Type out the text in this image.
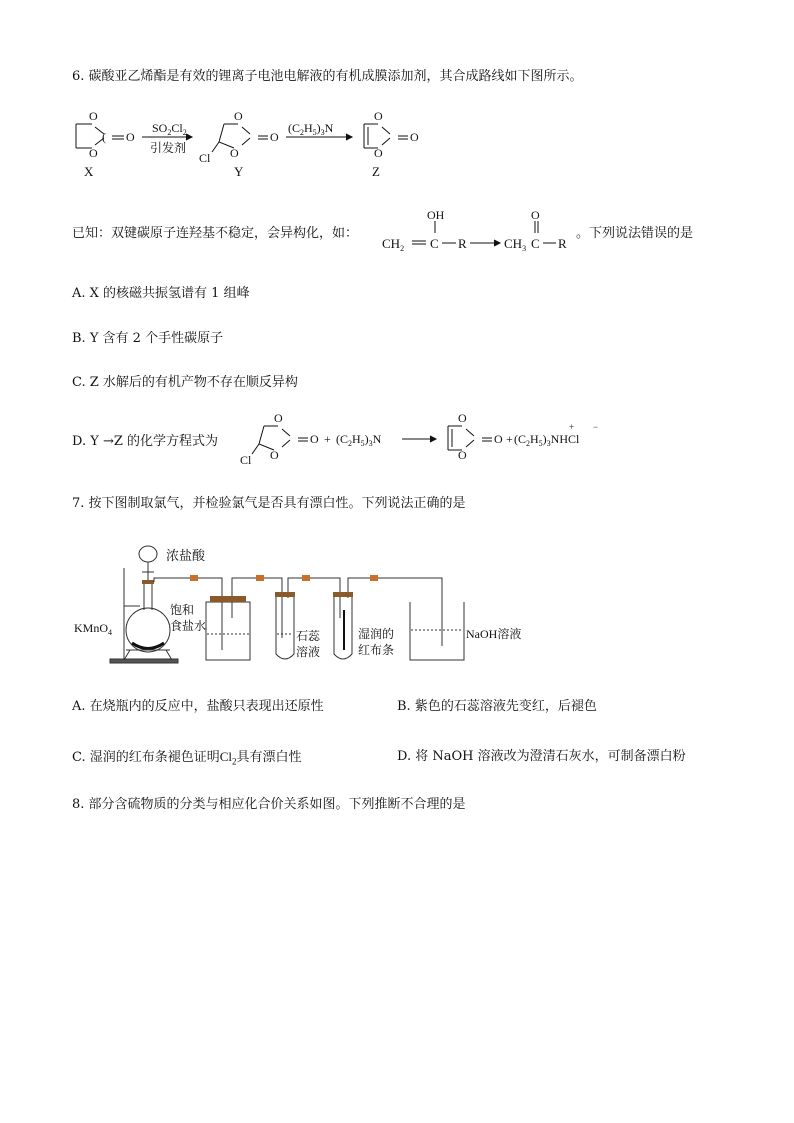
6. 碳酸亚乙烯酯是有效的锂离子电池电解液的有机成膜添加剂，其合成路线如下图所示。
O
O
( O
X
$SO_2Cl_2$
引发剂
O
O
O
Cl
Y
$(C_2H_5)_3N$
O
O
O
Z
已知：双键碳原子连羟基不稳定，会异构化，如：
$CH_2$
OH
C R	$CH_3$
O
C R
。下列说法错误的是
A. X 的核磁共振氢谱有 1 组峰
B. Y 含有 2 个手性碳原子
C. Z 水解后的有机产物不存在顺反异构
D. Y →Z 的化学方程式为
O
O
O
Cl
+ $(C_2H_5)_3N$
O
O
$O + (C_2H_5)_3NHCl$
+ −
7. 按下图制取氯气，并检验氯气是否具有漂白性。下列说法正确的是
浓盐酸
KMnO$_4$
饱和
食盐水
石蕊
溶液
湿润的
红布条
NaOH溶液
A. 在烧瓶内的反应中，盐酸只表现出还原性	B. 紫色的石蕊溶液先变红，后褪色
C. 湿润的红布条褪色证明$Cl_2$具有漂白性	D. 将 NaOH 溶液改为澄清石灰水，可制备漂白粉
8. 部分含硫物质的分类与相应化合价关系如图。下列推断不合理的是
